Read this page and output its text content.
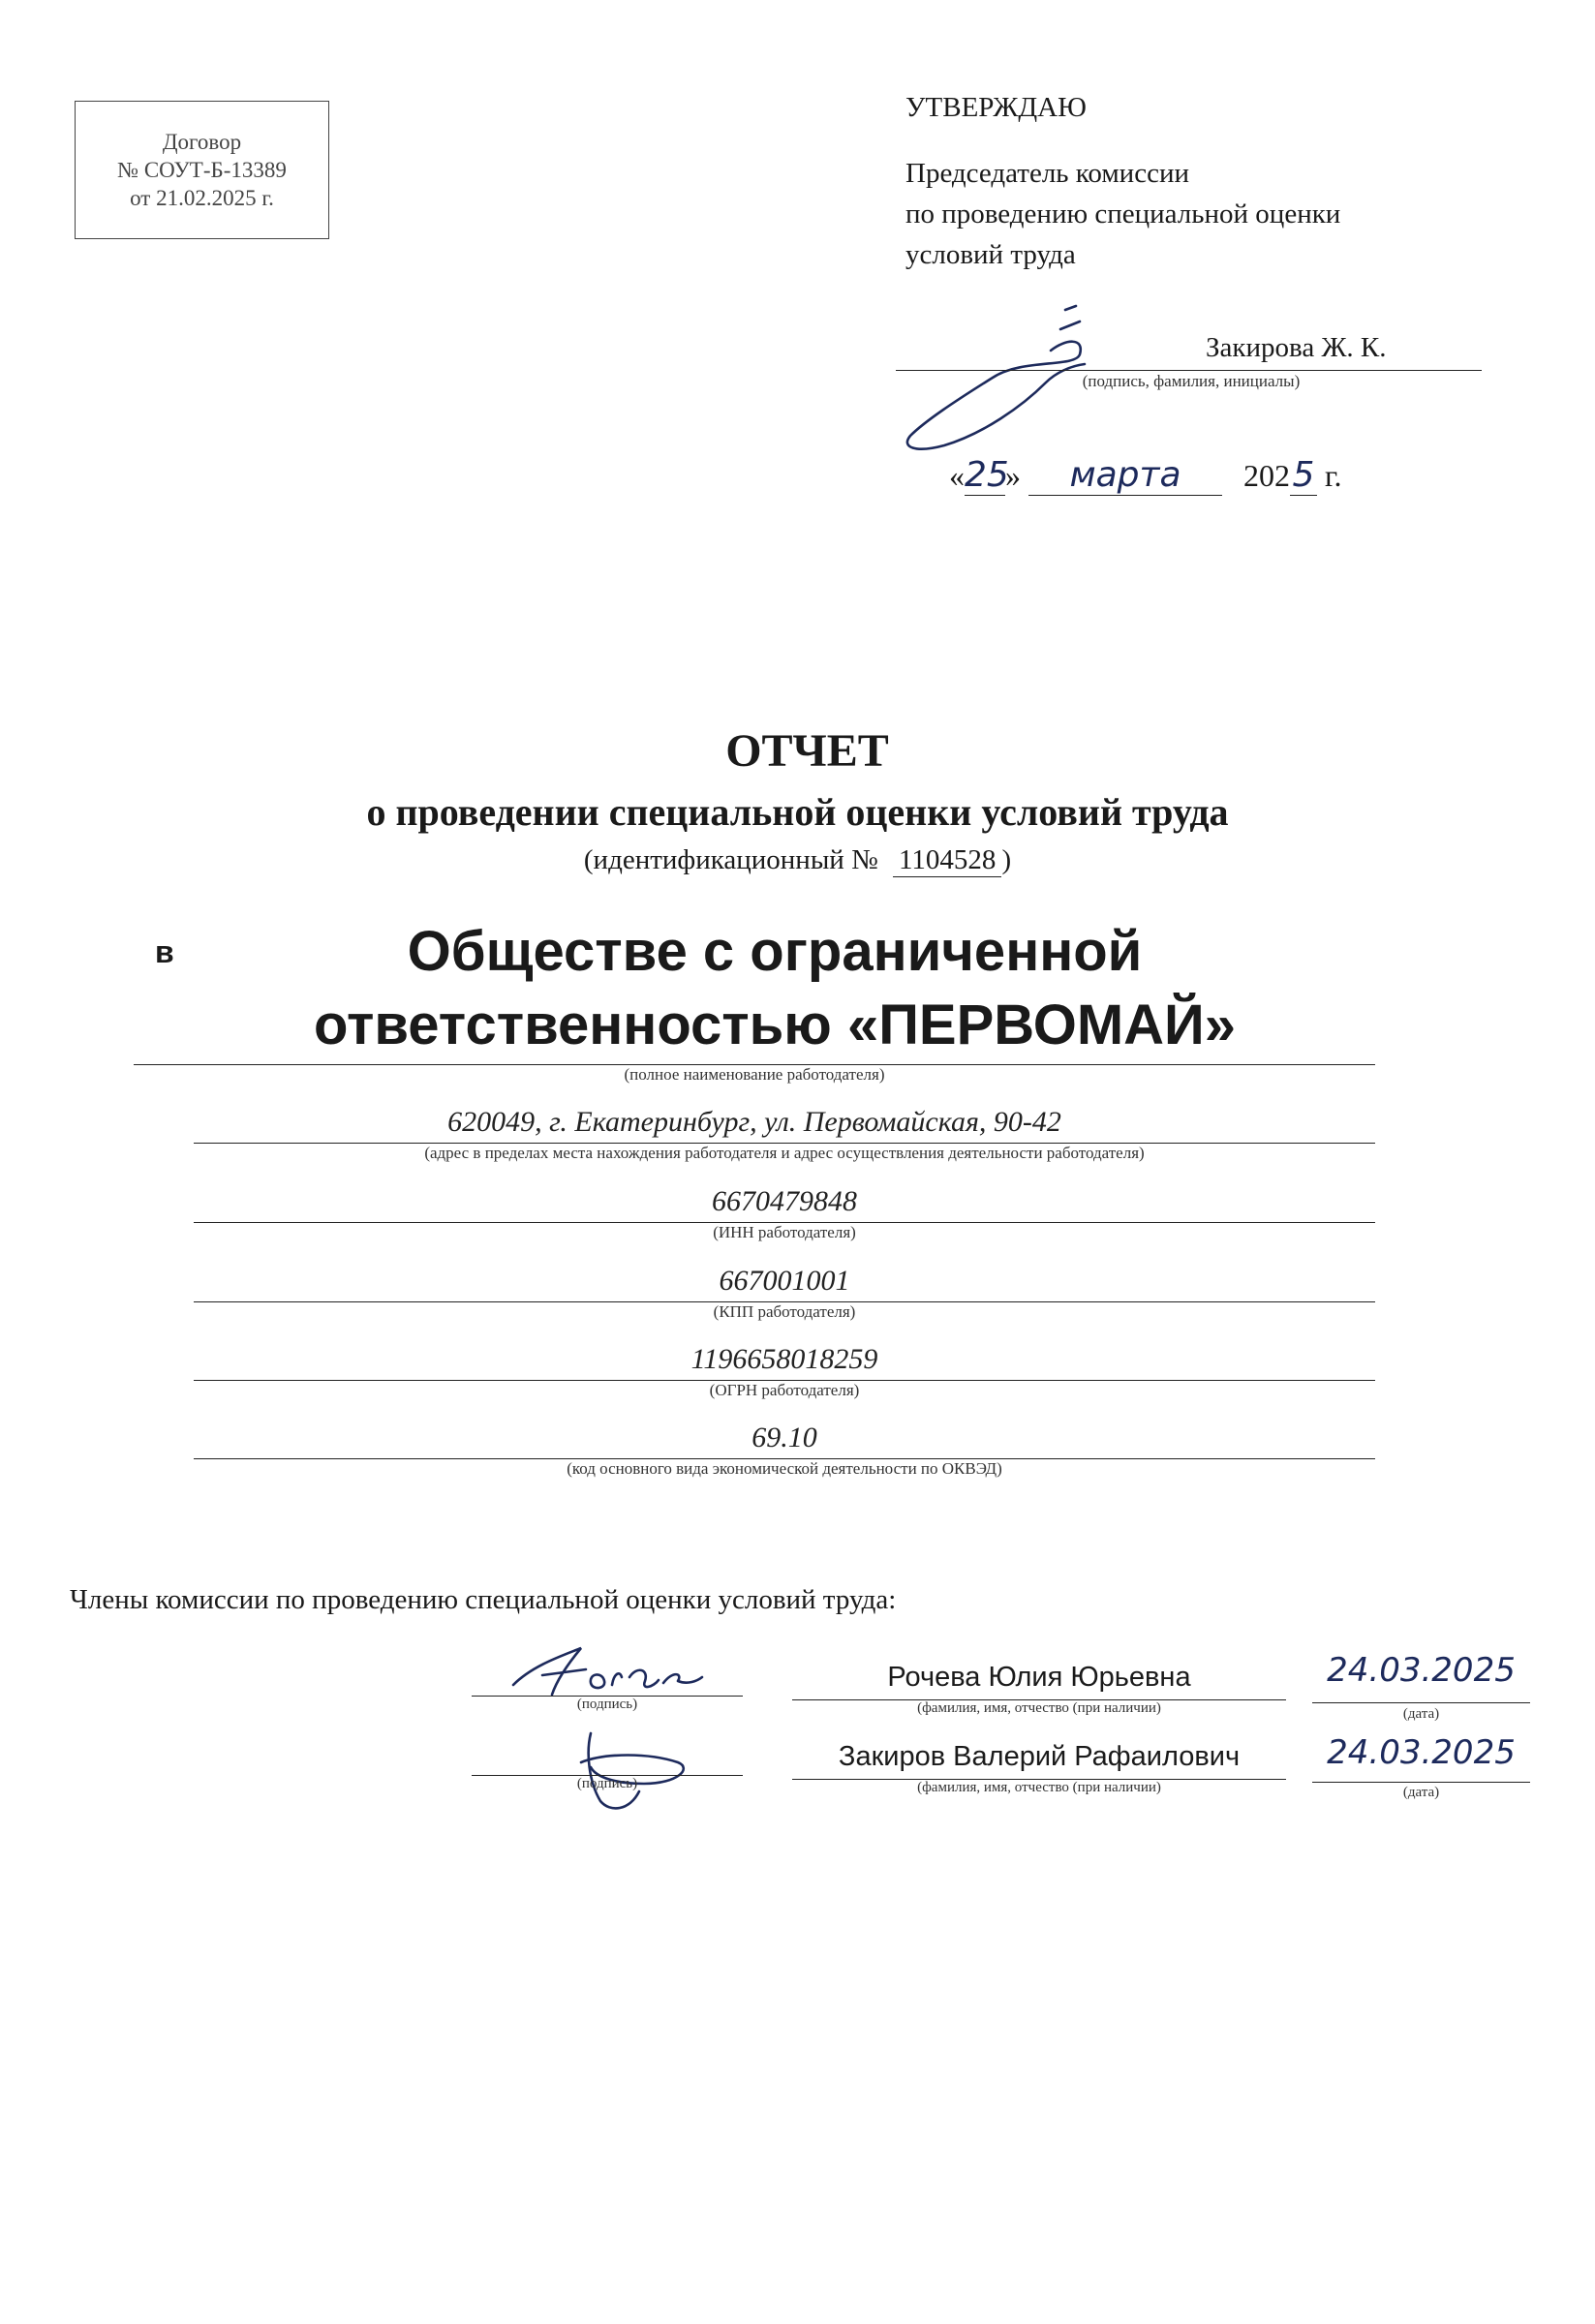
Договор
№ СОУТ-Б-13389
от 21.02.2025 г.
УТВЕРЖДАЮ
Председатель комиссии
по проведению специальной оценки
условий труда
Закирова Ж. К.
(подпись, фамилия, инициалы)
«25» марта 2025 г.
ОТЧЕТ
о проведении специальной оценки условий труда
(идентификационный № 1104528 )
в	Обществе с ограниченной
ответственностью «ПЕРВОМАЙ»
(полное наименование работодателя)
620049, г. Екатеринбург, ул. Первомайская, 90-42
(адрес в пределах места нахождения работодателя и адрес осуществления деятельности работодателя)
6670479848
(ИНН работодателя)
667001001
(КПП работодателя)
1196658018259
(ОГРН работодателя)
69.10
(код основного вида экономической деятельности по ОКВЭД)
Члены комиссии по проведению специальной оценки условий труда:
(подпись)
Рочева Юлия Юрьевна
(фамилия, имя, отчество (при наличии)
24.03.2025
(дата)
(подпись)
Закиров Валерий Рафаилович
(фамилия, имя, отчество (при наличии)
24.03.2025
(дата)
